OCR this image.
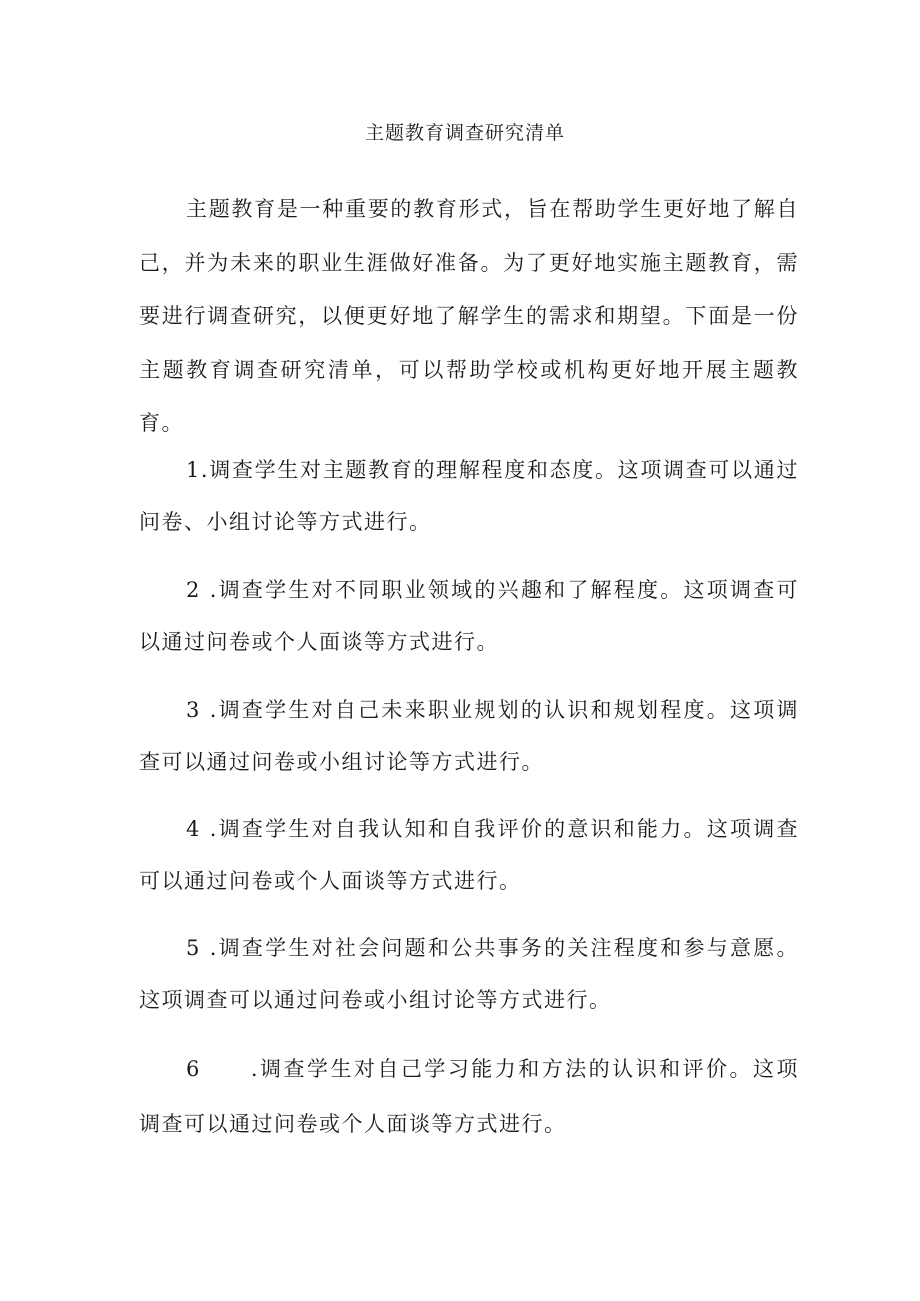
主题教育调查研究清单

主题教育是一种重要的教育形式，旨在帮助学生更好地了解自己，并为未来的职业生涯做好准备。为了更好地实施主题教育，需要进行调查研究，以便更好地了解学生的需求和期望。下面是一份主题教育调查研究清单，可以帮助学校或机构更好地开展主题教育。

1.调查学生对主题教育的理解程度和态度。这项调查可以通过问卷、小组讨论等方式进行。

2 .调查学生对不同职业领域的兴趣和了解程度。这项调查可以通过问卷或个人面谈等方式进行。

3 .调查学生对自己未来职业规划的认识和规划程度。这项调查可以通过问卷或小组讨论等方式进行。

4 .调查学生对自我认知和自我评价的意识和能力。这项调查可以通过问卷或个人面谈等方式进行。

5 .调查学生对社会问题和公共事务的关注程度和参与意愿。这项调查可以通过问卷或小组讨论等方式进行。

6 .调查学生对自己学习能力和方法的认识和评价。这项调查可以通过问卷或个人面谈等方式进行。
